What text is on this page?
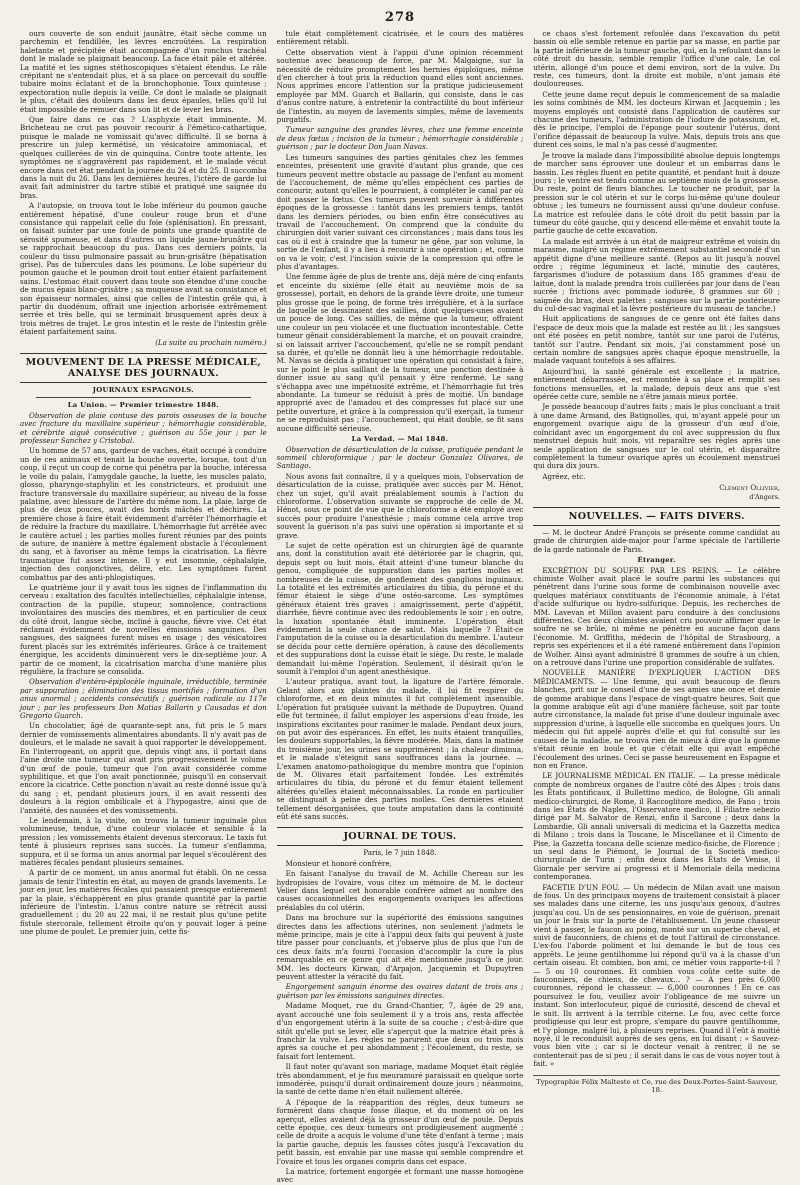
278

ours couverte de son enduit jaunâtre, était sèche comme un parchemin et fendillée, les lèvres encroûtées. La respiration haletante et précipitée était accompagnée d'un ronchus trachéal dont le malade se plaignait beaucoup. La face était pâle et altérée. La matité et les signes stéthoscopiques s'étaient étendus. Le râle crépitant ne s'entendait plus, et à sa place on percevait du souffle tubaire moins éclatant et de la bronchophonie. Toux quinteuse ; expectoration nulle depuis la veille. Ce dont le malade se plaignait le plus, c'était des douleurs dans les deux épaules, telles qu'il lui était impossible de remuer dans son lit et de lever les bras.

Que faire dans ce cas ? L'asphyxie était imminente. M. Bricheteau ne crut pas pouvoir recourir à l'émético-cathartique, puisque le malade ne vomissait qu'avec difficulté. Il se borna à prescrire un julep kermétisé, un vésicatoire ammoniacal, et quelques cuillerées de vin de quinquina. Contre toute attente, les symptômes ne s'aggravèrent pas rapidement, et le malade vécut encore dans cet état pendant la journée du 24 et du 25. Il succomba dans la nuit du 26. Dans les dernières heures, l'ictère de garde lui avait fait administrer du tartre stibié et pratiqué une saignée du bras.

A l'autopsie, on trouva tout le lobe inférieur du poumon gauche entièrement hépatisé, d'une couleur rouge brun et d'une consistance qui rappelait celle du foie (splénisation). En pressant, on faisait suinter par une foule de points une grande quantité de sérosité spumeuse, et dans d'autres un liquide jaune-brunâtre qui se rapprochait beaucoup du pus. Dans ces derniers points, la couleur du tissu pulmonaire passait au brun-grisâtre (hépatisation grise). Pas de tubercules dans les poumons. Le lobe supérieur du poumon gauche et le poumon droit tout entier étaient parfaitement sains. L'estomac était couvert dans toute son étendue d'une couche de mucus épais blanc-grisâtre ; sa muqueuse avait sa consistance et son épaisseur normales, ainsi que celles de l'intestin grêle qui, à partir du duodénum, offrait une injection arborisée extrêmement serrée et très belle, qui se terminait brusquement après deux à trois mètres de trajet. Le gros intestin et le reste de l'intestin grêle étaient parfaitement sains.

(La suite au prochain numéro.)
MOUVEMENT DE LA PRESSE MÉDICALE, ANALYSE DES JOURNAUX.
JOURNAUX ESPAGNOLS.
La Union. — Premier trimestre 1848.

Observation de plaie contuse des parois osseuses de la bouche avec fracture du maxillaire supérieur ; hémorrhagie considérable, et cérébrite aiguë consécutive ; guérison au 55e jour ; par le professeur Sanchez y Cristobal.

Un homme de 57 ans, gardeur de vaches, était occupé à conduire un de ces animaux et tenait la bouche ouverte, lorsque, tout d'un coup, il reçut un coup de corne qui pénétra par la bouche, intéressa le voile du palais, l'amygdale gauche, la luette, les muscles palato, glosso, pharyngo-staphylin et les constricteurs, et produisit une fracture transversale du maxillaire supérieur, au niveau de la fosse palatine, avec blessure de l'artère du même nom. La plaie, large de plus de deux pouces, avait des bords mâchés et déchirés. La première chose à faire était évidemment d'arrêter l'hémorrhagie et de réduire la fracture du maxillaire. L'hémorrhagie fut arrêtée avec le cautère actuel ; les parties molles furent réunies par des points de suture, de manière à mettre également obstacle à l'écoulement du sang, et à favoriser au même temps la cicatrisation. La fièvre traumatique fut assez intense. Il y eut insomnie, céphalalgie, injection des conjonctives, délire, etc. Les symptômes furent combattus par des anti-phlogistiques.

Le quatrième jour il y avait tous les signes de l'inflammation du cerveau : exaltation des facultés intellectuelles, céphalalgie intense, contraction de la pupille, stupeur, somnolence, contractions involontaires des muscles des membres, et en particulier de ceux du côté droit, langue sèche, incliné à gauche, fièvre vive. Cet état réclamait évidemment de nouvelles émissions sanguines. Des sangsues, des saignées furent mises en usage ; des vésicatoires furent placés sur les extrémités inférieures. Grâce à ce traitement énergique, les accidents diminuèrent vers le dix-septième jour. A partir de ce moment, la cicatrisation marcha d'une manière plus régulière, la fracture se consolida.

Observation d'entéro-épiplocèle inguinale, irréductible, terminée par suppuration ; élimination des tissus mortifiés ; formation d'un anus anormal ; accidents consécutifs ; guérison radicale au 117e jour ; par les professeurs Don Matias Ballarin y Causadas et don Gregorio Guarch.

Un chocolatier, âgé de quarante-sept ans, fut pris le 5 mars dernier de vomissements alimentaires abondants. Il n'y avait pas de douleurs, et le malade ne savait à quoi rapporter le développement. En l'interrogeant, on apprit que, depuis vingt ans, il portait dans l'aine droite une tumeur qui avait pris progressivement le volume d'un œuf de poule, tumeur que l'on avait considérée comme syphilitique, et que l'on avait ponctionnée, puisqu'il en conservait encore la cicatrice. Cette ponction n'avait au reste donné issue qu'à du sang ; et, pendant plusieurs jours, il en avait ressenti des douleurs à la région ombilicale et à l'hypogastre, ainsi que de l'anxiété, des nausées et des vomissements.

Le lendemain, à la visite, on trouva la tumeur inguinale plus volumineuse, tendue, d'une couleur violacée et sensible à la pression ; les vomissements étaient devenus stercoraux. Le taxis fut tenté à plusieurs reprises sans succès. La tumeur s'enflamma, suppura, et il se forma un anus anormal par lequel s'écoulèrent des matières fécales pendant plusieurs semaines.

A partir de ce moment, un anus anormal fut établi. On ne cessa jamais de tenir l'intestin en état, au moyen de grands lavements. Le jour en jour, les matières fécales qui passaient presque entièrement par la plaie, s'échappèrent en plus grande quantité par la partie inférieure de l'intestin. L'anus contre nature se rétrécit aussi graduellement ; du 20 au 22 mai, il ne restait plus qu'une petite fistule stercorale, tellement étroite qu'on y pouvait loger à peine une plume de poulet. Le premier juin, cette fis-

tule était complètement cicatrisée, et le cours des matières entièrement rétabli.

Cette observation vient à l'appui d'une opinion récemment soutenue avec beaucoup de force, par M. Malgaigne, sur la nécessité de réduire promptement les hernies épiploïques, même d'en chercher à tout prix la réduction quand elles sont anciennes. Nous apprîmes encore l'attention sur la pratique judicieusement employée par MM. Guarch et Ballarin, qui consiste, dans le cas d'anus contre nature, à entretenir la contractilité du bout inférieur de l'intestin, au moyen de lavements simples, même de lavements purgatifs.

Tumeur sanguine des grandes lèvres, chez une femme enceinte de deux fœtus ; incision de la tumeur ; hémorrhagie considérable ; guérison ; par le docteur Don Juan Navas.

Les tumeurs sanguines des parties génitales chez les femmes enceintes, présentent une gravité d'autant plus grande, que ces tumeurs peuvent mettre obstacle au passage de l'enfant au moment de l'accouchement, de même qu'elles empêchent ces parties de concourir, autant qu'elles le pourraient, à compléter le canal par où doit passer le fœtus. Ces tumeurs peuvent survenir à différentes époques de la grossesse : tantôt dans les premiers temps, tantôt dans les derniers périodes, ou bien enfin être consécutives au travail de l'accouchement. On comprend que la conduite du chirurgien doit varier suivant ces circonstances ; mais dans tous les cas où il est à craindre que la tumeur ne gêne, par son volume, la sortie de l'enfant, il y a lieu à recourir à une opération ; et, comme on va le voir, c'est l'incision suivie de la compression qui offre le plus d'avantages.

Une femme âgée de plus de trente ans, déjà mère de cinq enfants et enceinte du sixième (elle était au neuvième mois de sa grossesse), portait, en dehors de la grande lèvre droite, une tumeur plus grosse que le poing, de forme très irrégulière, et à la surface de laquelle se dessinaient des saillies, dont quelques-unes avaient un pouce de long. Ces saillies, de même que la tumeur, offraient une couleur un peu violacée et une fluctuation incontestable. Cette tumeur gênait considérablement la marche, et on pouvait craindre, si on laissait arriver l'accouchement, qu'elle ne se rompît pendant sa durée, et qu'elle ne donnât lieu à une hémorrhagie redoutable. M. Navas se décida à pratiquer une opération qui consistait à faire, sur le point le plus saillant de la tumeur, une ponction destinée à donner issue au sang qu'il pensait y être renfermé. Le sang s'échappa avec une impétuosité extrême, et l'hémorrhagie fut très abondante. La tumeur se réduisit à près de moitié. Un bandage approprié avec de l'amadou et des compresses fut placé sur une petite ouverture, et grâce à la compression qu'il exerçait, la tumeur ne se reproduisit pas ; l'accouchement, qui était double, se fit sans aucune difficulté sérieuse.

La Verdad. — Mai 1848.

Observation de désarticulation de la cuisse, pratiquée pendant le sommeil chloroformique ; par le docteur Gonzalez Olivares, de Santiago.

Nous avons fait connaître, il y a quelques mois, l'observation de désarticulation de la cuisse, pratiquée avec succès par M. Hénot, chez un sujet, qu'il avait préalablement soumis à l'action du chloroforme. L'observation suivante se rapproche de celle de M. Hénot, sous ce point de vue que le chloroforme a été employé avec succès pour produire l'anesthésie ; mais comme cela arrive trop souvent la guérison n'a pas suivi une opération si importante et si grave.

Le sujet de cette opération est un chirurgien âgé de quarante ans, dont la constitution avait été détériorée par le chagrin, qui, depuis sept ou huit mois, était atteint d'une tumeur blanche du genou, compliquée de suppuration dans les parties molles et nombreuses de la cuisse, de gonflement des ganglions inguinaux. La totalité et les extrémités articulaires du tibia, du péroné et du fémur étaient le siège d'une ostéo-sarcome. Les symptômes généraux étaient très graves : amaigrissement, perte d'appétit, diarrhée, fièvre continue avec des redoublements le soir ; en outre, la luxation spontanée était imminente. L'opération était évidemment la seule chance de salut. Mais laquelle ? Était-ce l'amputation de la cuisse ou la désarticulation du membre. L'auteur se décida pour cette dernière opération, à cause des décollements et des suppurations dont la cuisse était le siège. Du reste, le malade demandait lui-même l'opération. Seulement, il désirait qu'on le soumît à l'emploi d'un agent anesthésique.

L'auteur pratiqua, avant tout, la ligature de l'artère fémorale. Gelant alors aux plaintes du malade, il lui fit respirer du chloroforme, et en deux minutes il fut complètement insensible. L'opération fut pratiquée suivant la méthode de Dupuytren. Quand elle fut terminée, il fallut employer les aspersions d'eau froide, les inspirations excitantes pour ranimer le malade. Pendant deux jours, on put avoir des espérances. En effet, les nuits étaient tranquilles, les douleurs supportables, la fièvre modérée. Mais, dans la matinée du troisième jour, les urines se supprimèrent ; la chaleur diminua, et le malade s'éteignit sans souffrances dans la journée. — L'examen anatomo-pathologique du membre montra que l'opinion de M. Olivares était parfaitement fondée. Les extrémités articulaires du tibia, du péroné et du fémur étaient tellement altérées qu'elles étaient méconnaissables. La ronde en particulier se distinguait à peine des parties molles. Ces dernières étaient tellement désorganisées, que toute amputation dans la continuité eût été sans succès.

JOURNAL DE TOUS.
Paris, le 7 juin 1848.

Monsieur et honoré confrère,

En faisant l'analyse du travail de M. Achille Chereau sur les hydropisies de l'ovaire, vous citez un mémoire de M. le docteur Velier dans lequel cet honorable confrère admet au nombre des causes occasionnelles des engorgements ovariques les affections préalables du col utérin.

Dans ma brochure sur la supériorité des émissions sanguines directes dans les affections utérines, non seulement j'admets le même principe, mais je cite à l'appui deux faits qui peuvent à juste titre passer pour concluants, et j'observe plus de plus que l'un de ces deux faits m'a fourni l'occasion d'accomplir la cure la plus remarquable en ce genre qui ait été mentionnée jusqu'à ce jour. MM. les docteurs Kirwan, d'Arpajon, Jacquemin et Dupuytren peuvent attester la véracité du fait.

Engorgement sanguin énorme des ovaires datant de trois ans ; guérison par les émissions sanguines directes.

Madame Moquet, rue du Grand-Chantier, 7, âgée de 29 ans, ayant accouché une fois seulement il y a trois ans, resta affectée d'un engorgement utérin à la suite de sa couche ; c'est-à-dire que sitôt qu'elle put se lever, elle s'aperçut que la matrice était près à franchir la vulve. Les règles ne parurent que deux ou trois mois après sa couche et peu abondamment ; l'écoulement, du reste, se faisait fort lentement.

Il faut noter qu'avant son mariage, madame Moquet était réglée très abondamment, et je fus meuramuré paraissait en quelque sorte inmodérée, puisqu'il durait ordinairement douze jours ; néanmoins, la santé de cette dame n'en était nullement altérée.

A l'époque de la réapparition des règles, deux tumeurs se formèrent dans chaque fosse iliaque, et du moment où on les aperçut, elles avaient déjà la grosseur d'un œuf de poule. Depuis cette époque, ces deux tumeurs ont prodigieusement augmenté ; celle de droite a acquis le volume d'une tête d'enfant à terme ; mais la partie gauche, depuis les fausses côtes jusqu'à l'excavation du petit bassin, est envahie par une masse qui semble comprendre et l'ovaire et tous les organes compris dans cet espace.

La matrice, fortement engorgée et formant une masse homogène avec

ce chaos s'est fortement refoulée dans l'excavation du petit bassin où elle semble retenue en partie par sa masse, en partie par la partie inférieure de la tumeur gauche, qui, en la refoulant dans le côté droit du bassin, semble remplir l'office d'une cale. Le col utérin, allongé d'un pouce et demi environ, sort de la vulve. Du reste, ces tumeurs, dont la droite est mobile, n'ont jamais été douloureuses.

Cette jeune dame reçut depuis le commencement de sa maladie les soins combinés de MM. les docteurs Kirwan et Jacquemin ; les moyens employés ont consisté dans l'application de cautères sur chacune des tumeurs, l'administration de l'iodure de potassium, et, dès le principe, l'emploi de l'éponge pour soutenir l'utérus, dont l'orifice dépassait de beaucoup la vulve. Mais, depuis trois ans que durent ces soins, le mal n'a pas cessé d'augmenter.

Je trouve la malade dans l'impossibilité absolue depuis longtemps de marcher sans éprouver une douleur et un embarras dans le bassin. Les règles fluent en petite quantité, et pendant huit à douze jours ; le ventre est tendu comme au septième mois de la grossesse. Du reste, point de fleurs blanches. Le toucher ne produit, par la pression sur le col utérin et sur le corps lui-même qu'une douleur obtuse ; les tumeurs ne fournissent aussi qu'une douleur confuse. La matrice est refoulée dans le côté droit du petit bassin par la tumeur du côté gauche, qui y descend elle-même et envahit toute la partie gauche de cette excavation.

La malade est arrivée à un état de maigreur extrême et voisin du marasme, malgré un régime extrêmement substantiel secondé d'un appétit digne d'une meilleure santé. (Repos au lit jusqu'à nouvel ordre ; régime légumineux et lacté, minutie des cautères, fargarismes d'iodure de potassium dans 185 grammes d'eau de laitue, dont la malade prendra trois cuillerées par jour dans de l'eau sucrée ; frictions avec pommade iodurée, 8 grammes sur 60 ; saignée du bras, deux palettes ; sangsues sur la partie postérieure du cul-de-sac vaginal et la lèvre postérieure du museau de tanche.)

Huit applications de sangsues de ce genre ont été faites dans l'espace de deux mois que la malade est restée au lit ; les sangsues ont été posées en petit nombre, tantôt sur une paroi de l'utérus, tantôt sur l'autre. Pendant six mois, j'ai constamment posé un certain nombre de sangsues après chaque époque menstruelle, la malade vaquant toutefois à ses affaires.

Aujourd'hui, la santé générale est excellente ; la matrice, entièrement débarrassée, est remontée à sa place et remplit ses fonctions mensuelles, et la malade, depuis deux ans que s'est opérée cette cure, semble ne s'être jamais mieux portée.

Je possède beaucoup d'autres faits ; mais le plus concluant a trait à une dame Armand, des Batignolles, qui, m'ayant appelé pour un engorgement ovarique aigu de la grosseur d'un œuf d'oie, coïncidant avec un engorgement du col avec suppression du flux menstruel depuis huit mois, vit reparaître ses règles après une seule application de sangsues sur le col utérin, et disparaître complètement la tumeur ovarique après un écoulement menstruel qui dura dix jours.

Agréez, etc.

Clément Ollivier,
d'Angers.
NOUVELLES. — FAITS DIVERS.

— M. le docteur André François se présente comme candidat au grade de chirurgien aide-major pour l'arme spéciale de l'artillerie de la garde nationale de Paris.

Étranger.

EXCRÉTION DU SOUFRE PAR LES REINS. — Le célèbre chimiste Wolher avait placé le soufre parmi les substances qui pénètrent dans l'urine sous forme de combinaison nouvelle avec quelques matériaux constituants de l'économie animale, à l'état d'acide sulfurique ou hydro-sulfurique. Depuis, les recherches de MM. Lavevan et Millon avaient paru conduire à des conclusions différentes. Ces deux chimistes avaient cru pouvoir affirmer que le soufre ne se brûle, ni même ne pénètre en aucune façon dans l'économie. M. Griffiths, médecin de l'hôpital de Strasbourg, a repris ses expériences et il a été ramené entièrement dans l'opinion de Wolher. Ainsi ayant administré 8 grammes de soufre à un chien, on a retrouvé dans l'urine une proportion considérable de sulfates.

NOUVELLE MANIÈRE D'EXPLIQUER L'ACTION DES MÉDICAMENTS. — Une femme, qui avait beaucoup de fleurs blanches, prit sur le conseil d'une de ses amies une once et demie de gomme arabique dans l'espace de vingt-quatre heures. Soit que la gomme arabique eût agi d'une manière fâcheuse, soit par toute autre circonstance, la malade fut prise d'une douleur inguinale avec suppression d'urine, à laquelle elle succomba en quelques jours. Un médecin qui fut appelé auprès d'elle et qui fut consulté sur les causes de la maladie, ne trouva rien de mieux à dire que la gomme s'était réunie en boule et que c'était elle qui avait empêché l'écoulement des urines. Ceci se passe heureusement en Espagne et non en France.

LE JOURNALISME MÉDICAL EN ITALIE. — La presse médicale compte de nombreux organes de l'autre côté des Alpes : trois dans les États pontificaux, il Bullettino medico, de Bologne, Gli annali medico-chirurgici, de Rome, il Raccoglitore medico, de Fano ; trois dans les États de Naples, l'Osservatore medico, il Filiatre sebezio dirigé par M. Salvator de Renzi, enfin il Sarcone ; deux dans la Lombardie, Gli annali universali di medicina et la Gazzetta medica di Milano ; trois dans la Toscane, le Miscellanee et il Cimento de Pise, la Gazzetta toscana delle scienze medico-fisiche, de Florence ; un seul dans le Piémont, le Journal de la Società medico-chirurgicale de Turin ; enfin deux dans les États de Venise, il Giornale per servire ai progressi et il Memoriale della medicina contemporanea.

FACETIE D'UN FOU. — Un médecin de Milan avait une maison de fous. Un des principaux moyens de traitement consistait à placer ses malades dans une citerne, les uns jusqu'aux genoux, d'autres jusqu'au cou. Un de ses pensionnaires, en voie de guérison, prenait un jour le frais sur la porte de l'établissement. Un jeune chasseur vient à passer, le faucon au poing, monté sur un superbe cheval, et suivi de fauconniers, de chiens et de tout l'attirail de circonstance. L'ex-fou l'aborde poliment et lui demande le but de tous ces apprêts. Le jeune gentilhomme lui répond qu'il va à la chasse d'un certain oiseau. Et combien, bon ami, ce métier vous rapporte-t-il ? — 5 ou 10 couronnes. Et combien vous coûte cette suite de fauconniers, de chiens, de chevaux… ? — A peu près 6,000 couronnes, répond le chasseur. — 6,000 couronnes ! En ce cas poursuivez le fou, veuillez avoir l'obligeance de me suivre un instant. Son interlocuteur, piqué de curiosité, descend de cheval et le suit. Ils arrivent à la terrible citerne. Le fou, avec cette force prodigieuse qui leur est propre, s'empare du pauvre gentilhomme, et l'y plonge, malgré lui, à plusieurs reprises. Quand il l'eût à moitié noyé, il le reconduisit auprès de ses gens, en lui disant : « Sauvez-vous bien vite ; car si le docteur venait à rentrer, il ne se contenterait pas de si peu ; il serait dans le cas de vous noyer tout à fait. »

Typographie Félix Malteste et Ce, rue des Deux-Portes-Saint-Sauveur, 18.
